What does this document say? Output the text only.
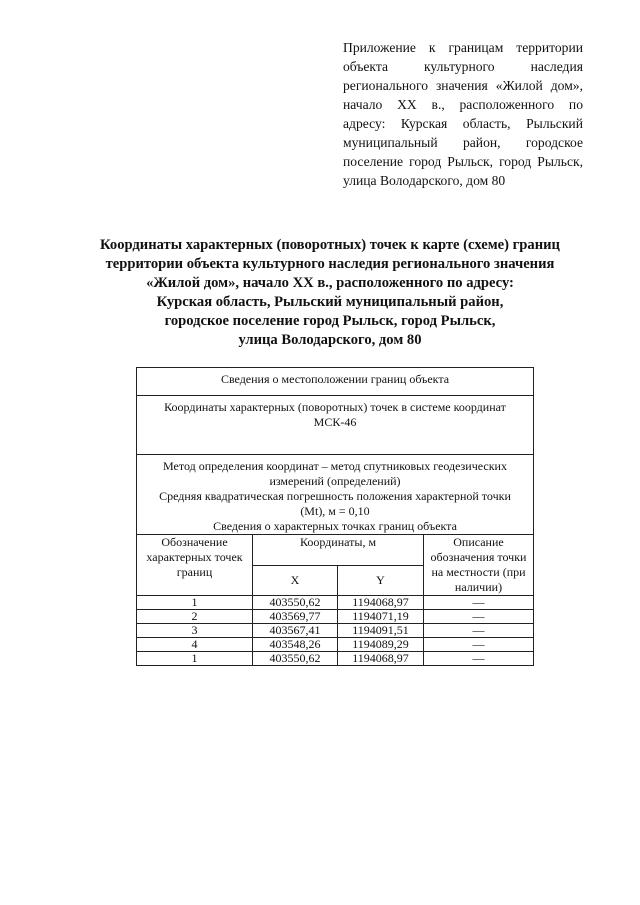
Приложение к границам территории объекта культурного наследия регионального значения «Жилой дом», начало XX в., расположенного по адресу: Курская область, Рыльский муниципальный район, городское поселение город Рыльск, город Рыльск, улица Володарского, дом 80
Координаты характерных (поворотных) точек к карте (схеме) границ
территории объекта культурного наследия регионального значения
«Жилой дом», начало XX в., расположенного по адресу:
Курская область, Рыльский муниципальный район,
городское поселение город Рыльск, город Рыльск,
улица Володарского, дом 80
Сведения о местоположении границ объекта			
Координаты характерных (поворотных) точек в системе координат МСК-46			

Метод определения координат – метод спутниковых геодезических измерений (определений)
Средняя квадратическая погрешность положения характерной точки (Mt), м = 0,10
Сведения о характерных точках границ объекта			

Обозначение характерных точек границ	Координаты, м		Описание обозначения точки на местности (при наличии)
	X	Y	
1	403550,62	1194068,97	—
2	403569,77	1194071,19	—
3	403567,41	1194091,51	—
4	403548,26	1194089,29	—
1	403550,62	1194068,97	—
